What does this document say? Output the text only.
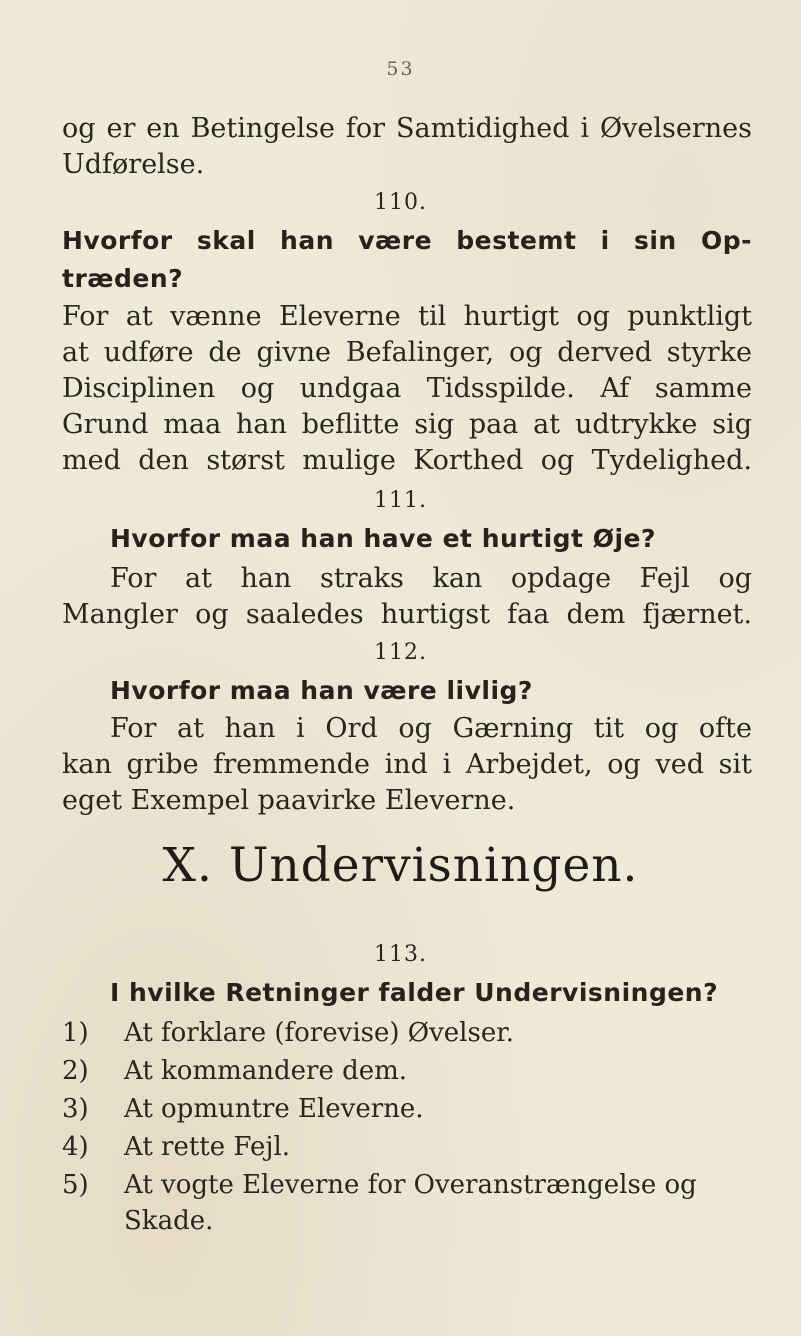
53
og er en Betingelse for Samtidighed i Øvelsernes
Udførelse.
110.
Hvorfor skal han være bestemt i sin Op-
træden?
For at vænne Eleverne til hurtigt og punktligt
at udføre de givne Befalinger, og derved styrke
Disciplinen og undgaa Tidsspilde. Af samme
Grund maa han beflitte sig paa at udtrykke sig
med den størst mulige Korthed og Tydelighed.
111.
Hvorfor maa han have et hurtigt Øje?
For at han straks kan opdage Fejl og
Mangler og saaledes hurtigst faa dem fjærnet.
112.
Hvorfor maa han være livlig?
For at han i Ord og Gærning tit og ofte
kan gribe fremmende ind i Arbejdet, og ved sit
eget Exempel paavirke Eleverne.
X. Undervisningen.
113.
I hvilke Retninger falder Undervisningen?
1) At forklare (forevise) Øvelser.
2) At kommandere dem.
3) At opmuntre Eleverne.
4) At rette Fejl.
5) At vogte Eleverne for Overanstrængelse og
Skade.
